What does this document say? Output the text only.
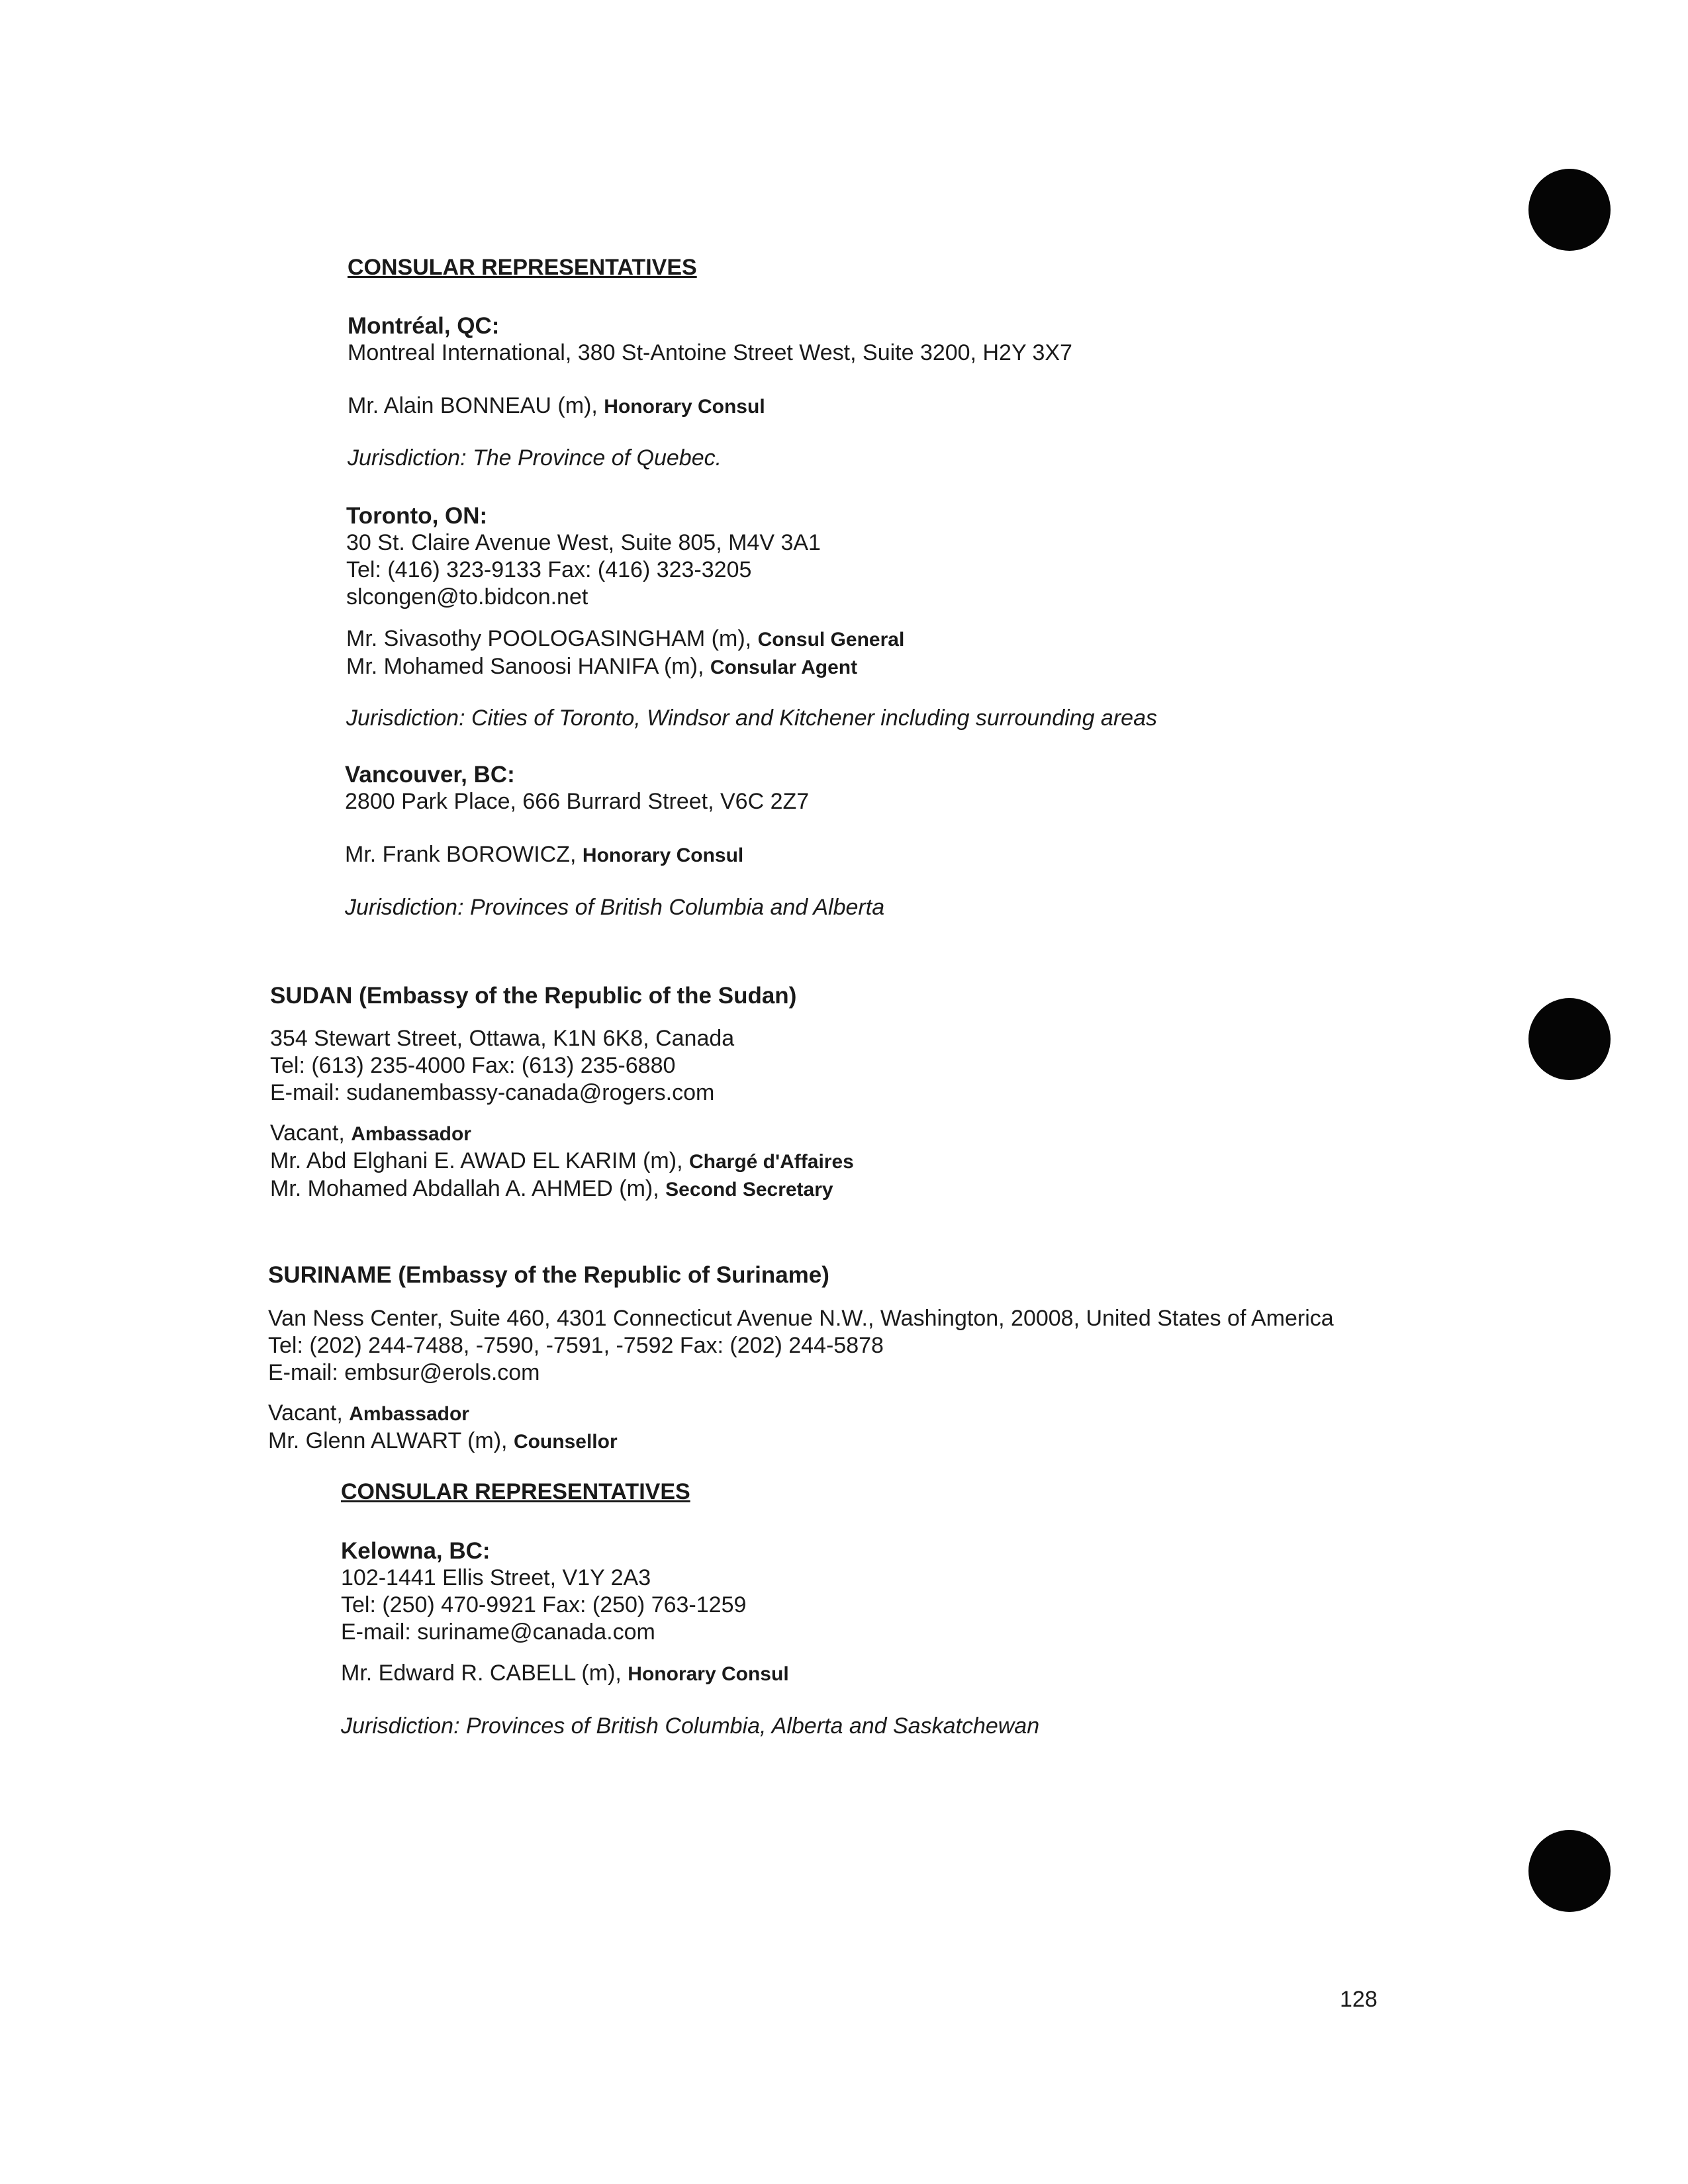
CONSULAR REPRESENTATIVES
Montréal, QC:
Montreal International, 380 St-Antoine Street West, Suite 3200, H2Y 3X7
Mr. Alain BONNEAU (m), Honorary Consul
Jurisdiction: The Province of Quebec.
Toronto, ON:
30 St. Claire Avenue West, Suite 805, M4V 3A1
Tel: (416) 323-9133 Fax: (416) 323-3205
slcongen@to.bidcon.net
Mr. Sivasothy POOLOGASINGHAM (m), Consul General
Mr. Mohamed Sanoosi HANIFA (m), Consular Agent
Jurisdiction: Cities of Toronto, Windsor and Kitchener including surrounding areas
Vancouver, BC:
2800 Park Place, 666 Burrard Street, V6C 2Z7
Mr. Frank BOROWICZ, Honorary Consul
Jurisdiction: Provinces of British Columbia and Alberta
SUDAN (Embassy of the Republic of the Sudan)
354 Stewart Street, Ottawa, K1N 6K8, Canada
Tel: (613) 235-4000 Fax: (613) 235-6880
E-mail: sudanembassy-canada@rogers.com
Vacant, Ambassador
Mr. Abd Elghani E. AWAD EL KARIM (m), Chargé d'Affaires
Mr. Mohamed Abdallah A. AHMED (m), Second Secretary
SURINAME (Embassy of the Republic of Suriname)
Van Ness Center, Suite 460, 4301 Connecticut Avenue N.W., Washington, 20008, United States of America
Tel: (202) 244-7488, -7590, -7591, -7592 Fax: (202) 244-5878
E-mail: embsur@erols.com
Vacant, Ambassador
Mr. Glenn ALWART (m), Counsellor
CONSULAR REPRESENTATIVES
Kelowna, BC:
102-1441 Ellis Street, V1Y 2A3
Tel: (250) 470-9921 Fax: (250) 763-1259
E-mail: suriname@canada.com
Mr. Edward R. CABELL (m), Honorary Consul
Jurisdiction: Provinces of British Columbia, Alberta and Saskatchewan
128
